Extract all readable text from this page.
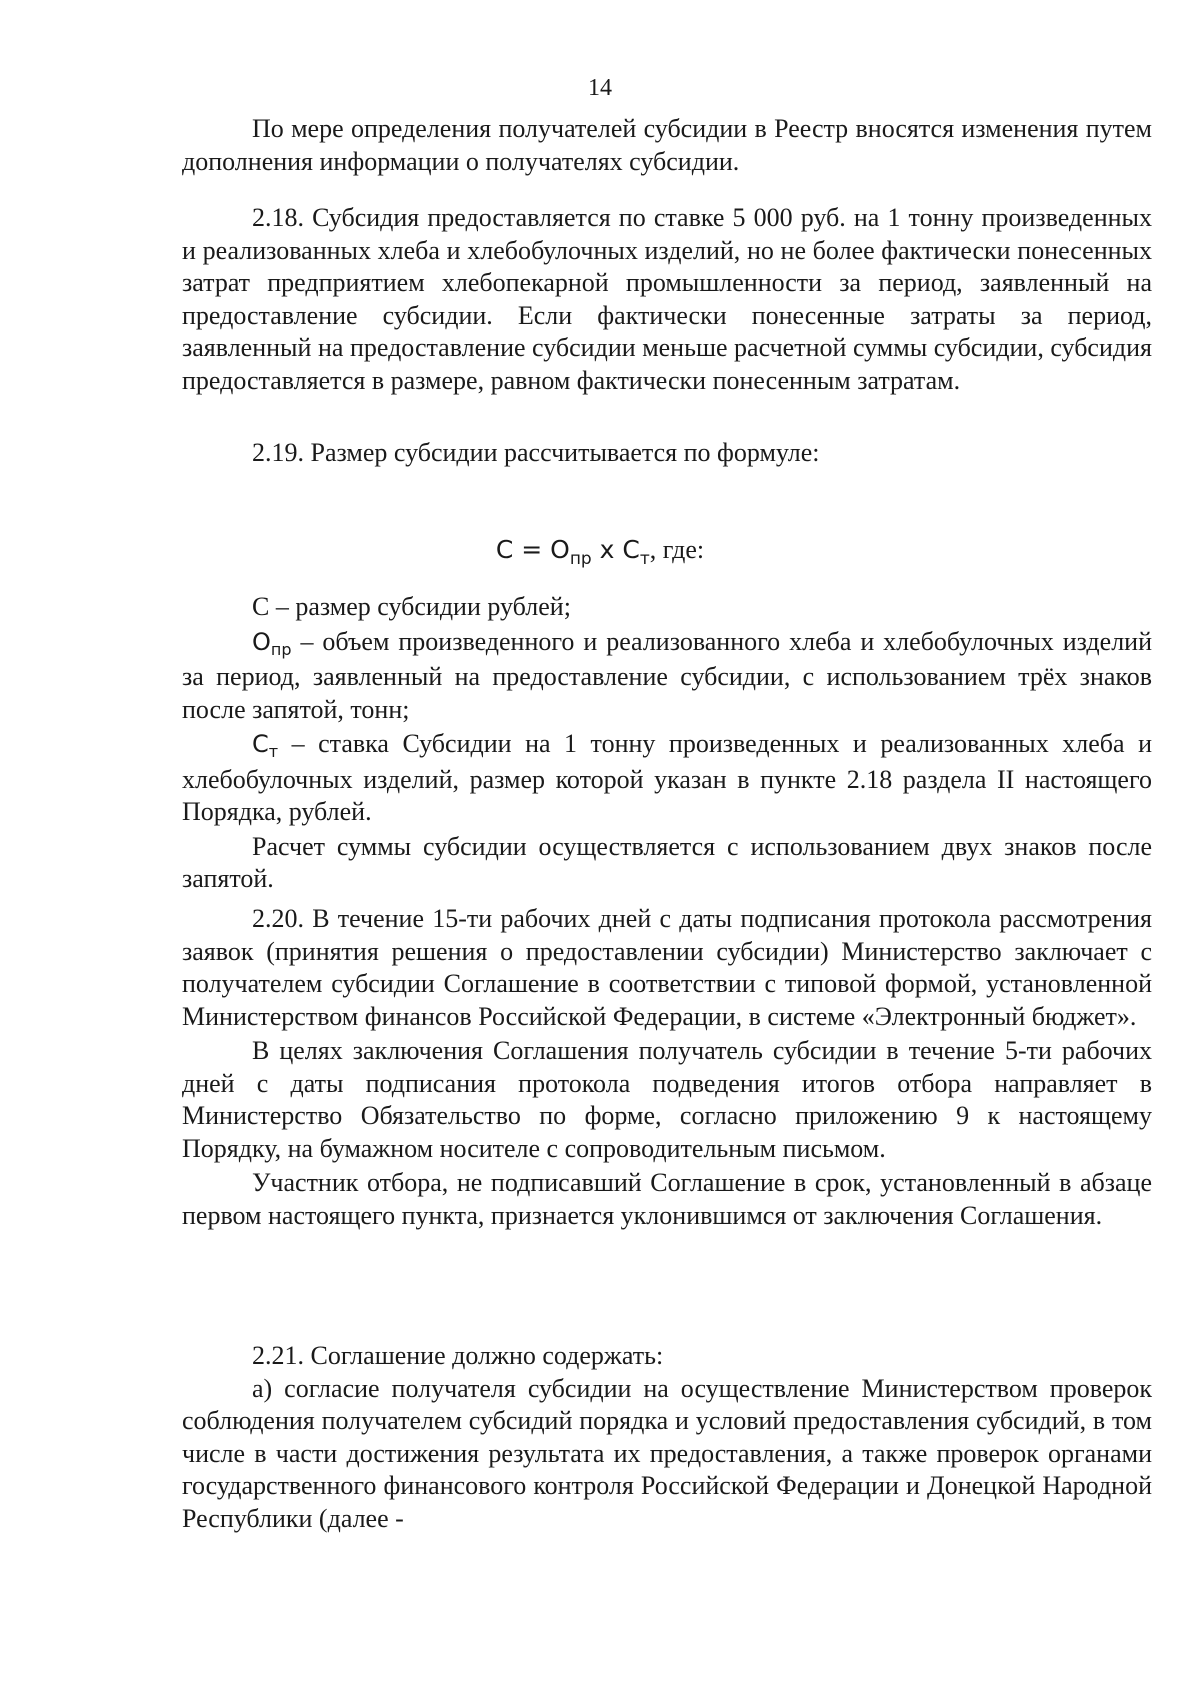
14

По мере определения получателей субсидии в Реестр вносятся изменения путем дополнения информации о получателях субсидии.

2.18. Субсидия предоставляется по ставке 5 000 руб. на 1 тонну произведенных и реализованных хлеба и хлебобулочных изделий, но не более фактически понесенных затрат предприятием хлебопекарной промышленности за период, заявленный на предоставление субсидии. Если фактически понесенные затраты за период, заявленный на предоставление субсидии меньше расчетной суммы субсидии, субсидия предоставляется в размере, равном фактически понесенным затратам.

2.19. Размер субсидии рассчитывается по формуле:

$С = О_{пр}$ х $С_т$, где:

С – размер субсидии рублей;

$О_{пр}$ – объем произведенного и реализованного хлеба и хлебобулочных изделий за период, заявленный на предоставление субсидии, с использованием трёх знаков после запятой, тонн;

$С_т$ – ставка Субсидии на 1 тонну произведенных и реализованных хлеба и хлебобулочных изделий, размер которой указан в пункте 2.18 раздела II настоящего Порядка, рублей.

Расчет суммы субсидии осуществляется с использованием двух знаков после запятой.

2.20. В течение 15-ти рабочих дней с даты подписания протокола рассмотрения заявок (принятия решения о предоставлении субсидии) Министерство заключает с получателем субсидии Соглашение в соответствии с типовой формой, установленной Министерством финансов Российской Федерации, в системе «Электронный бюджет».

В целях заключения Соглашения получатель субсидии в течение 5-ти рабочих дней с даты подписания протокола подведения итогов отбора направляет в Министерство Обязательство по форме, согласно приложению 9 к настоящему Порядку, на бумажном носителе с сопроводительным письмом.

Участник отбора, не подписавший Соглашение в срок, установленный в абзаце первом настоящего пункта, признается уклонившимся от заключения Соглашения.

2.21. Соглашение должно содержать:

а) согласие получателя субсидии на осуществление Министерством проверок соблюдения получателем субсидий порядка и условий предоставления субсидий, в том числе в части достижения результата их предоставления, а также проверок органами государственного финансового контроля Российской Федерации и Донецкой Народной Республики (далее -
